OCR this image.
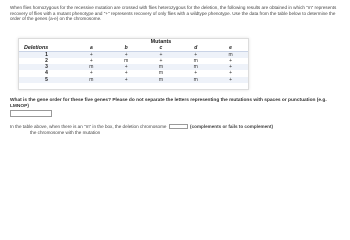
When flies homozygous for the recessive mutation are crossed with flies heterozygous for the deletion, the following results are obtained in which "m" represents recovery of flies with a mutant phenotype and "+" represents recovery of only flies with a wildtype phenotype. Use the data from the table below to determine the order of the genes (a-e) on the chromosome.
	Mutants				
Deletions	a	b	c	d	e
1	+	+	+	+	m
2	+	m	+	m	+
3	m	+	m	m	+
4	+	+	m	+	+
5	m	+	m	m	+
What is the gene order for these five genes? Please do not separate the letters representing the mutations with spaces or punctuation (e.g. LMNOP)
In the table above, when there is an "m" in the box, the deletion chromosome	(complements or fails to complement)
the chromosome with the mutation
